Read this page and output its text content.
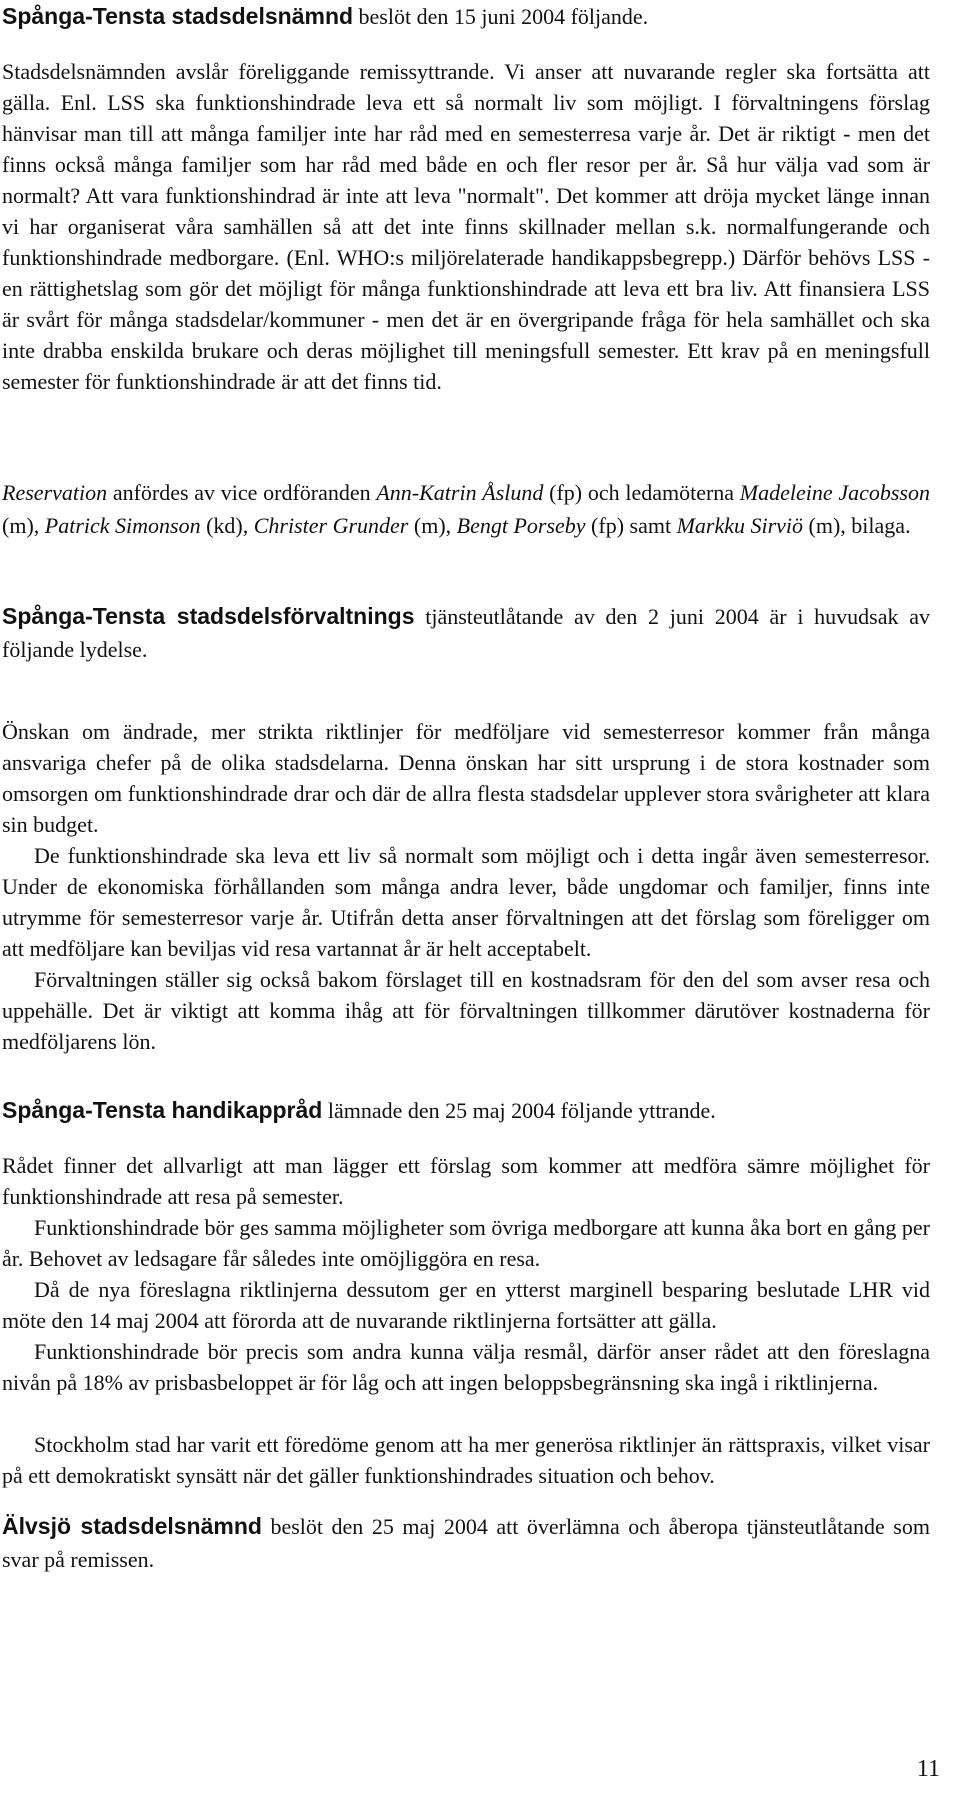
Spånga-Tensta stadsdelsnämnd beslöt den 15 juni 2004 följande.
Stadsdelsnämnden avslår föreliggande remissyttrande. Vi anser att nuvarande regler ska fortsätta att gälla. Enl. LSS ska funktionshindrade leva ett så normalt liv som möjligt. I förvaltningens förslag hänvisar man till att många familjer inte har råd med en semesterresa varje år. Det är riktigt - men det finns också många familjer som har råd med både en och fler resor per år. Så hur välja vad som är normalt? Att vara funktionshindrad är inte att leva "normalt". Det kommer att dröja mycket länge innan vi har organiserat våra samhällen så att det inte finns skillnader mellan s.k. normalfungerande och funktionshindrade medborgare. (Enl. WHO:s miljörelaterade handikappsbegrepp.) Därför behövs LSS - en rättighetslag som gör det möjligt för många funktionshindrade att leva ett bra liv. Att finansiera LSS är svårt för många stadsdelar/kommuner - men det är en övergripande fråga för hela samhället och ska inte drabba enskilda brukare och deras möjlighet till meningsfull semester. Ett krav på en meningsfull semester för funktionshindrade är att det finns tid.
Reservation anfördes av vice ordföranden Ann-Katrin Åslund (fp) och ledamöterna Madeleine Jacobsson (m), Patrick Simonson (kd), Christer Grunder (m), Bengt Porseby (fp) samt Markku Sirviö (m), bilaga.
Spånga-Tensta stadsdelsförvaltnings tjänsteutlåtande av den 2 juni 2004 är i huvudsak av följande lydelse.
Önskan om ändrade, mer strikta riktlinjer för medföljare vid semesterresor kommer från många ansvariga chefer på de olika stadsdelarna. Denna önskan har sitt ursprung i de stora kostnader som omsorgen om funktionshindrade drar och där de allra flesta stadsdelar upplever stora svårigheter att klara sin budget.
De funktionshindrade ska leva ett liv så normalt som möjligt och i detta ingår även semesterresor. Under de ekonomiska förhållanden som många andra lever, både ungdomar och familjer, finns inte utrymme för semesterresor varje år. Utifrån detta anser förvaltningen att det förslag som föreligger om att medföljare kan beviljas vid resa vartannat år är helt acceptabelt.
Förvaltningen ställer sig också bakom förslaget till en kostnadsram för den del som avser resa och uppehälle. Det är viktigt att komma ihåg att för förvaltningen tillkommer därutöver kostnaderna för medföljarens lön.
Spånga-Tensta handikappråd lämnade den 25 maj 2004 följande yttrande.
Rådet finner det allvarligt att man lägger ett förslag som kommer att medföra sämre möjlighet för funktionshindrade att resa på semester.
Funktionshindrade bör ges samma möjligheter som övriga medborgare att kunna åka bort en gång per år. Behovet av ledsagare får således inte omöjliggöra en resa.
Då de nya föreslagna riktlinjerna dessutom ger en ytterst marginell besparing beslutade LHR vid möte den 14 maj 2004 att förorda att de nuvarande riktlinjerna fortsätter att gälla.
Funktionshindrade bör precis som andra kunna välja resmål, därför anser rådet att den föreslagna nivån på 18% av prisbasbeloppet är för låg och att ingen beloppsbegränsning ska ingå i riktlinjerna.
Stockholm stad har varit ett föredöme genom att ha mer generösa riktlinjer än rättspraxis, vilket visar på ett demokratiskt synsätt när det gäller funktionshindrades situation och behov.
Älvsjö stadsdelsnämnd beslöt den 25 maj 2004 att överlämna och åberopa tjänsteutlåtande som svar på remissen.
11
